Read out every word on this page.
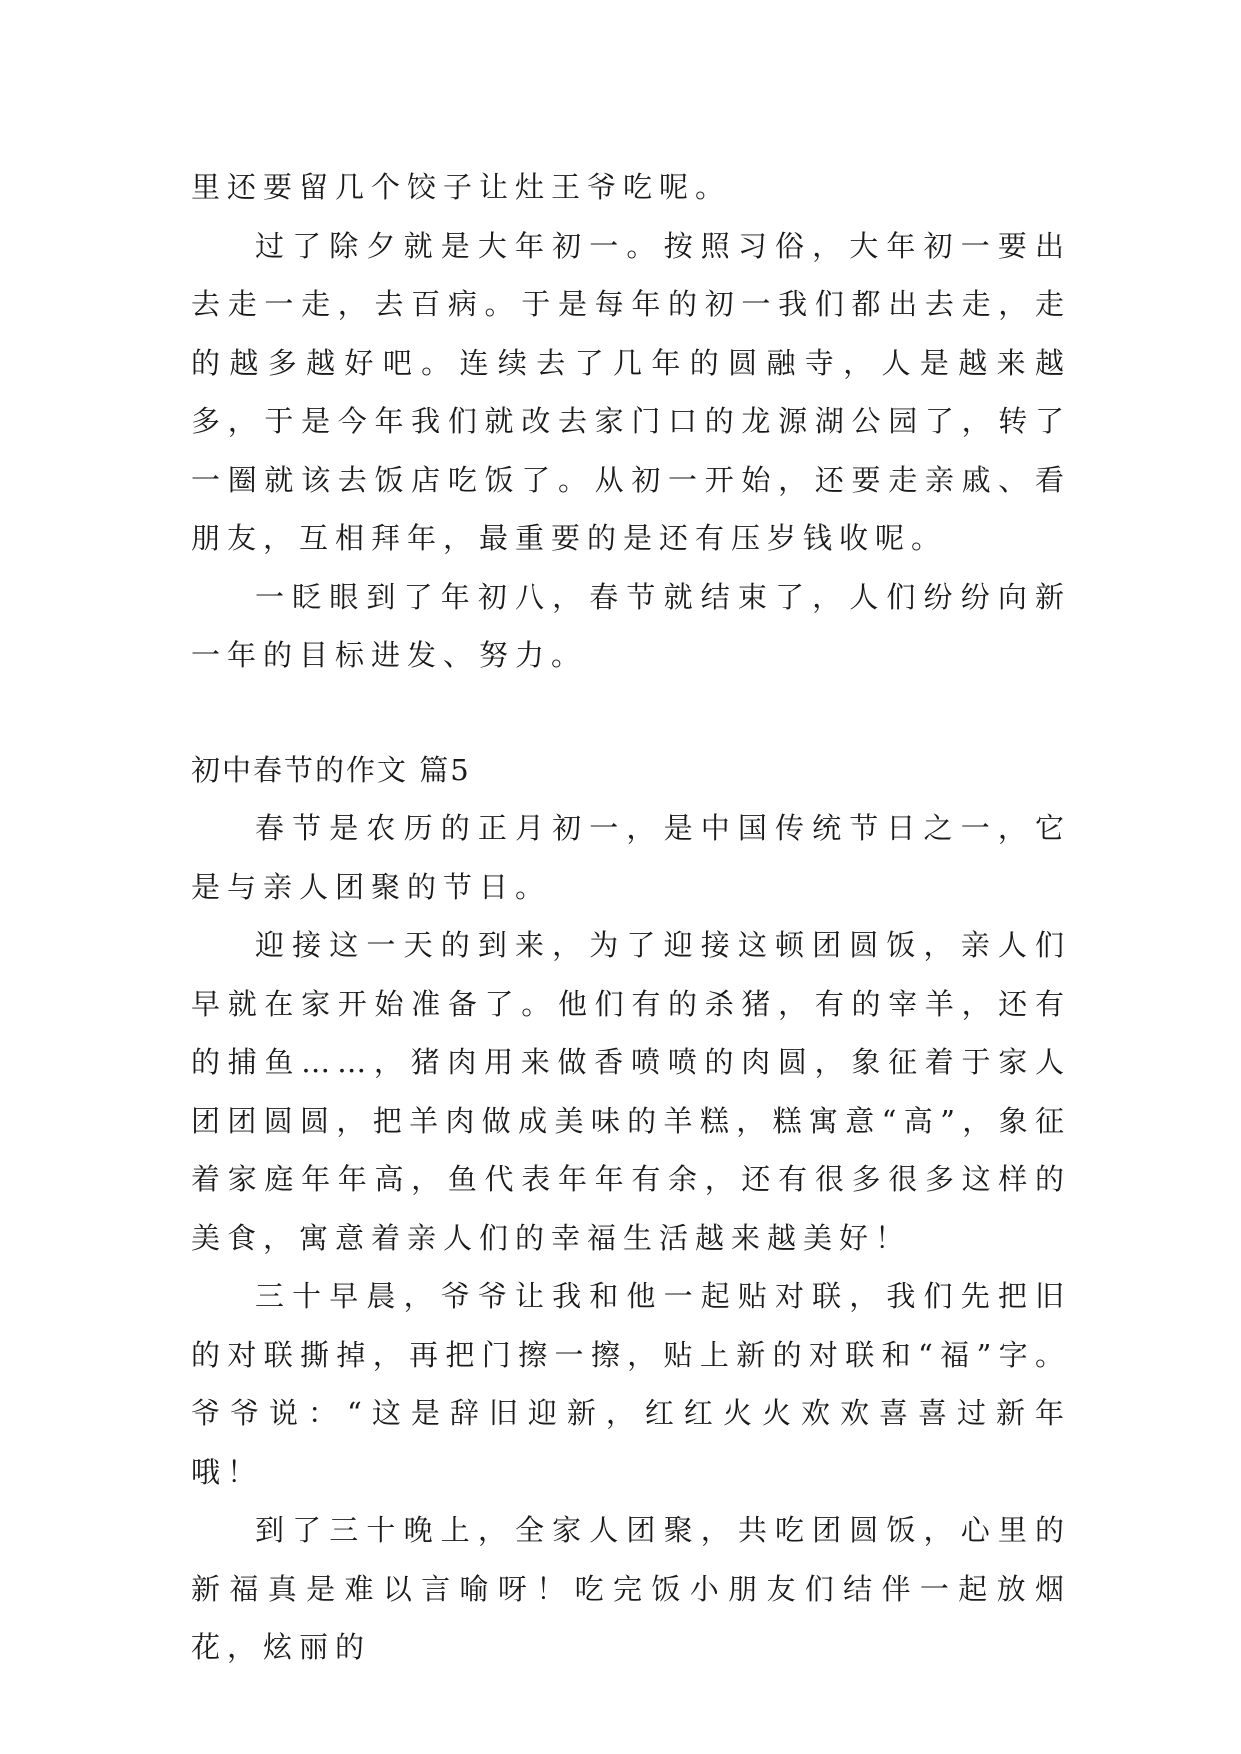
里还要留几个饺子让灶王爷吃呢。

过了除夕就是大年初一。按照习俗，大年初一要出去走一走，去百病。于是每年的初一我们都出去走，走的越多越好吧。连续去了几年的圆融寺，人是越来越多，于是今年我们就改去家门口的龙源湖公园了，转了一圈就该去饭店吃饭了。从初一开始，还要走亲戚、看朋友，互相拜年，最重要的是还有压岁钱收呢。

一眨眼到了年初八，春节就结束了，人们纷纷向新一年的目标进发、努力。

初中春节的作文 篇5

春节是农历的正月初一，是中国传统节日之一，它是与亲人团聚的节日。

迎接这一天的到来，为了迎接这顿团圆饭，亲人们早就在家开始准备了。他们有的杀猪，有的宰羊，还有的捕鱼……，猪肉用来做香喷喷的肉圆，象征着于家人团团圆圆，把羊肉做成美味的羊糕，糕寓意“高”，象征着家庭年年高，鱼代表年年有余，还有很多很多这样的美食，寓意着亲人们的幸福生活越来越美好！

三十早晨，爷爷让我和他一起贴对联，我们先把旧的对联撕掉，再把门擦一擦，贴上新的对联和“福”字。爷爷说：“这是辞旧迎新，红红火火欢欢喜喜过新年哦！

到了三十晚上，全家人团聚，共吃团圆饭，心里的新福真是难以言喻呀！吃完饭小朋友们结伴一起放烟花，炫丽的
